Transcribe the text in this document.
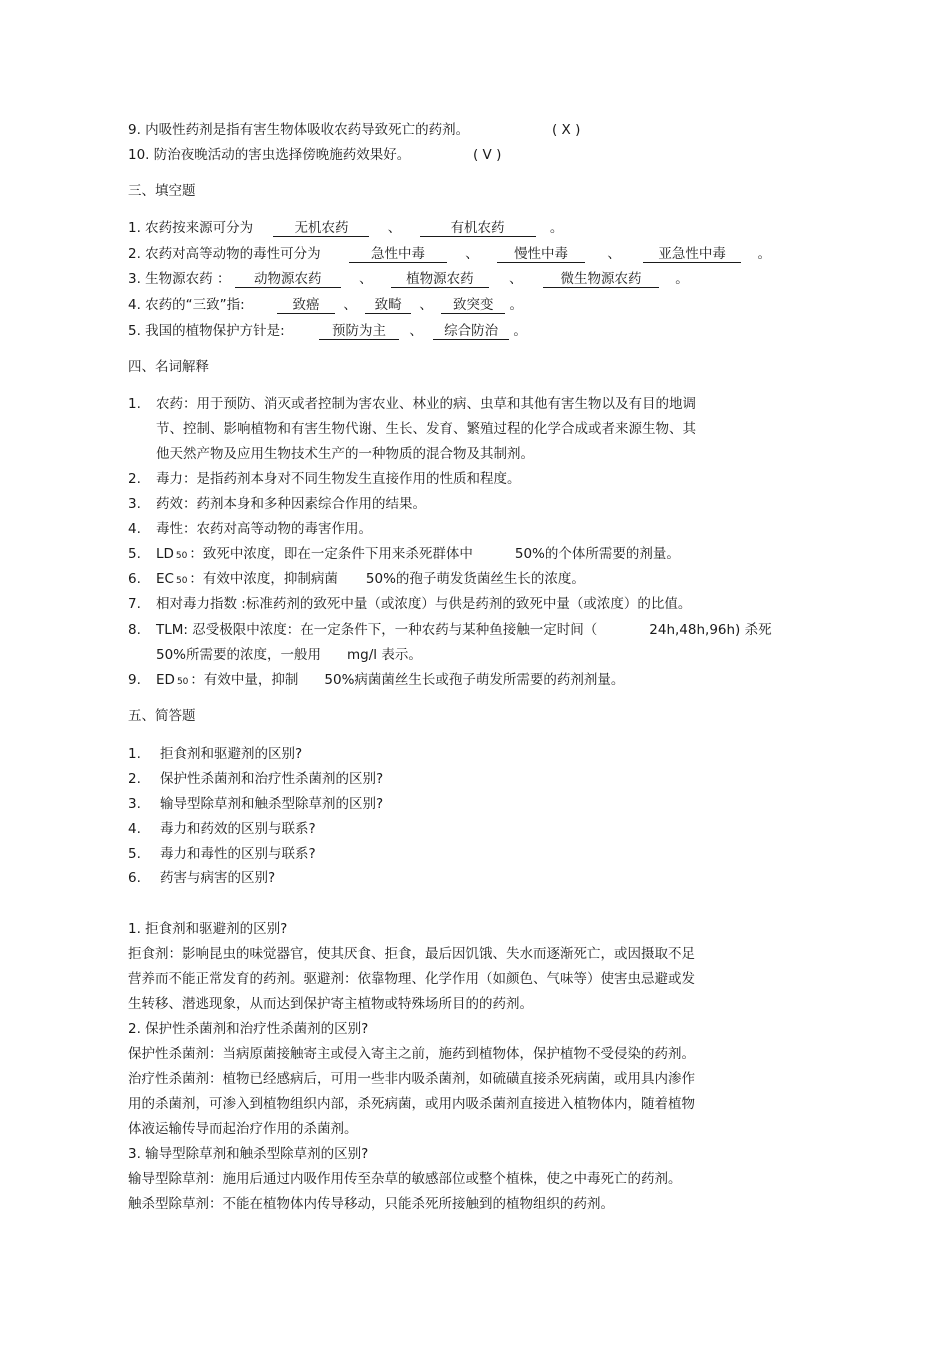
9. 内吸性药剂是指有害生物体吸收农药导致死亡的药剂。	( X )
10. 防治夜晚活动的害虫选择傍晚施药效果好。	( V )
三、填空题
1. 农药按来源可分为	无机农药	、	有机农药	。
2. 农药对高等动物的毒性可分为	急性中毒	、	慢性中毒	、	亚急性中毒 。
3. 生物源农药 ： 动物源农药	、 植物源农药	、	微生物源农药	。
4. 农药的“三致”指:	致癌 、 致畸 、 致突变 。
5. 我国的植物保护方针是:	预防为主 、 综合防治 。
四、名词解释
1. 农药：用于预防、消灭或者控制为害农业、林业的病、虫草和其他有害生物以及有目的地调
节、控制、影响植物和有害生物代谢、生长、发育、繁殖过程的化学合成或者来源生物、其
他天然产物及应用生物技术生产的一种物质的混合物及其制剂。
2. 毒力：是指药剂本身对不同生物发生直接作用的性质和程度。
3. 药效：药剂本身和多种因素综合作用的结果。
4. 毒性：农药对高等动物的毒害作用。
5. LD 50 ：致死中浓度，即在一定条件下用来杀死群体中	50%的个体所需要的剂量。
6. EC 50 ：有效中浓度，抑制病菌 50%的孢子萌发货菌丝生长的浓度。
7. 相对毒力指数 :标准药剂的致死中量（或浓度）与供是药剂的致死中量（或浓度）的比值。
8. TLM: 忍受极限中浓度：在一定条件下，一种农药与某种鱼接触一定时间（	24h,48h,96h) 杀死
50%所需要的浓度，一般用 mg/l 表示。
9. ED 50 ：有效中量，抑制 50%病菌菌丝生长或孢子萌发所需要的药剂剂量。
五、简答题
1. 拒食剂和驱避剂的区别?
2. 保护性杀菌剂和治疗性杀菌剂的区别?
3. 输导型除草剂和触杀型除草剂的区别?
4. 毒力和药效的区别与联系?
5. 毒力和毒性的区别与联系?
6. 药害与病害的区别?
1. 拒食剂和驱避剂的区别?
拒食剂：影响昆虫的味觉器官，使其厌食、拒食，最后因饥饿、失水而逐渐死亡，或因摄取不足
营养而不能正常发育的药剂。驱避剂：依靠物理、化学作用（如颜色、气味等）使害虫忌避或发
生转移、潜逃现象，从而达到保护寄主植物或特殊场所目的的药剂。
2. 保护性杀菌剂和治疗性杀菌剂的区别?
保护性杀菌剂：当病原菌接触寄主或侵入寄主之前，施药到植物体，保护植物不受侵染的药剂。
治疗性杀菌剂：植物已经感病后，可用一些非内吸杀菌剂，如硫磺直接杀死病菌，或用具内渗作
用的杀菌剂，可渗入到植物组织内部，杀死病菌，或用内吸杀菌剂直接进入植物体内，随着植物
体液运输传导而起治疗作用的杀菌剂。
3. 输导型除草剂和触杀型除草剂的区别?
输导型除草剂：施用后通过内吸作用传至杂草的敏感部位或整个植株，使之中毒死亡的药剂。
触杀型除草剂：不能在植物体内传导移动，只能杀死所接触到的植物组织的药剂。
